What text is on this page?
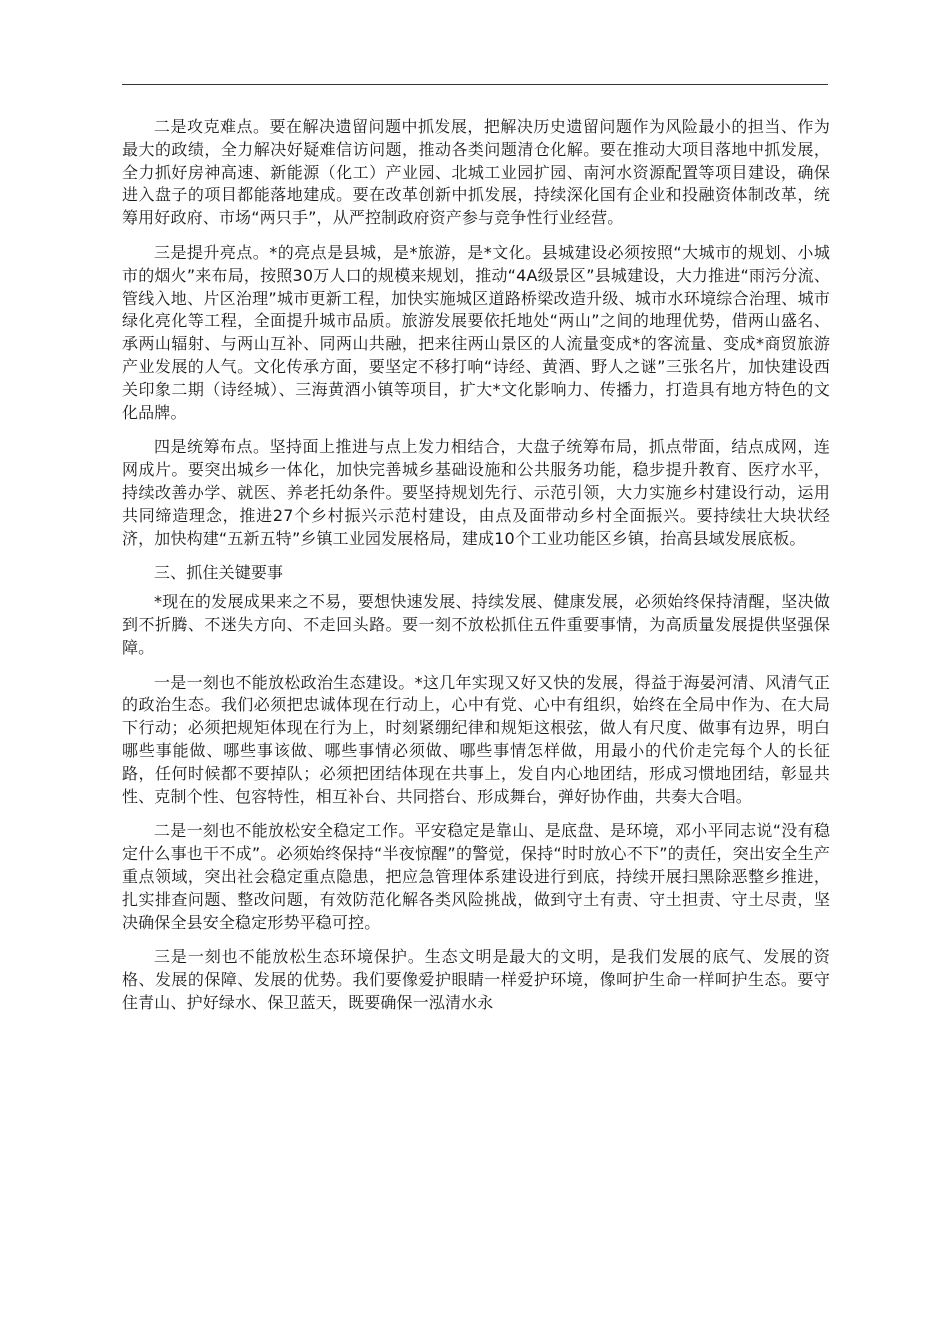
二是攻克难点。要在解决遗留问题中抓发展，把解决历史遗留问题作为风险最小的担当、作为最大的政绩，全力解决好疑难信访问题，推动各类问题清仓化解。要在推动大项目落地中抓发展，全力抓好房神高速、新能源（化工）产业园、北城工业园扩园、南河水资源配置等项目建设，确保进入盘子的项目都能落地建成。要在改革创新中抓发展，持续深化国有企业和投融资体制改革，统筹用好政府、市场“两只手”，从严控制政府资产参与竞争性行业经营。

三是提升亮点。*的亮点是县城，是*旅游，是*文化。县城建设必须按照“大城市的规划、小城市的烟火”来布局，按照30万人口的规模来规划，推动“4A级景区”县城建设，大力推进“雨污分流、管线入地、片区治理”城市更新工程，加快实施城区道路桥梁改造升级、城市水环境综合治理、城市绿化亮化等工程，全面提升城市品质。旅游发展要依托地处“两山”之间的地理优势，借两山盛名、承两山辐射、与两山互补、同两山共融，把来往两山景区的人流量变成*的客流量、变成*商贸旅游产业发展的人气。文化传承方面，要坚定不移打响“诗经、黄酒、野人之谜”三张名片，加快建设西关印象二期（诗经城）、三海黄酒小镇等项目，扩大*文化影响力、传播力，打造具有地方特色的文化品牌。

四是统筹布点。坚持面上推进与点上发力相结合，大盘子统筹布局，抓点带面，结点成网，连网成片。要突出城乡一体化，加快完善城乡基础设施和公共服务功能，稳步提升教育、医疗水平，持续改善办学、就医、养老托幼条件。要坚持规划先行、示范引领，大力实施乡村建设行动，运用共同缔造理念，推进27个乡村振兴示范村建设，由点及面带动乡村全面振兴。要持续壮大块状经济，加快构建“五新五特”乡镇工业园发展格局，建成10个工业功能区乡镇，抬高县域发展底板。

三、抓住关键要事

*现在的发展成果来之不易，要想快速发展、持续发展、健康发展，必须始终保持清醒，坚决做到不折腾、不迷失方向、不走回头路。要一刻不放松抓住五件重要事情，为高质量发展提供坚强保障。

一是一刻也不能放松政治生态建设。*这几年实现又好又快的发展，得益于海晏河清、风清气正的政治生态。我们必须把忠诚体现在行动上，心中有党、心中有组织，始终在全局中作为、在大局下行动；必须把规矩体现在行为上，时刻紧绷纪律和规矩这根弦，做人有尺度、做事有边界，明白哪些事能做、哪些事该做、哪些事情必须做、哪些事情怎样做，用最小的代价走完每个人的长征路，任何时候都不要掉队；必须把团结体现在共事上，发自内心地团结，形成习惯地团结，彰显共性、克制个性、包容特性，相互补台、共同搭台、形成舞台，弹好协作曲，共奏大合唱。

二是一刻也不能放松安全稳定工作。平安稳定是靠山、是底盘、是环境，邓小平同志说“没有稳定什么事也干不成”。必须始终保持“半夜惊醒”的警觉，保持“时时放心不下”的责任，突出安全生产重点领域，突出社会稳定重点隐患，把应急管理体系建设进行到底，持续开展扫黑除恶整乡推进，扎实排查问题、整改问题，有效防范化解各类风险挑战，做到守土有责、守土担责、守土尽责，坚决确保全县安全稳定形势平稳可控。

三是一刻也不能放松生态环境保护。生态文明是最大的文明，是我们发展的底气、发展的资格、发展的保障、发展的优势。我们要像爱护眼睛一样爱护环境，像呵护生命一样呵护生态。要守住青山、护好绿水、保卫蓝天，既要确保一泓清水永
